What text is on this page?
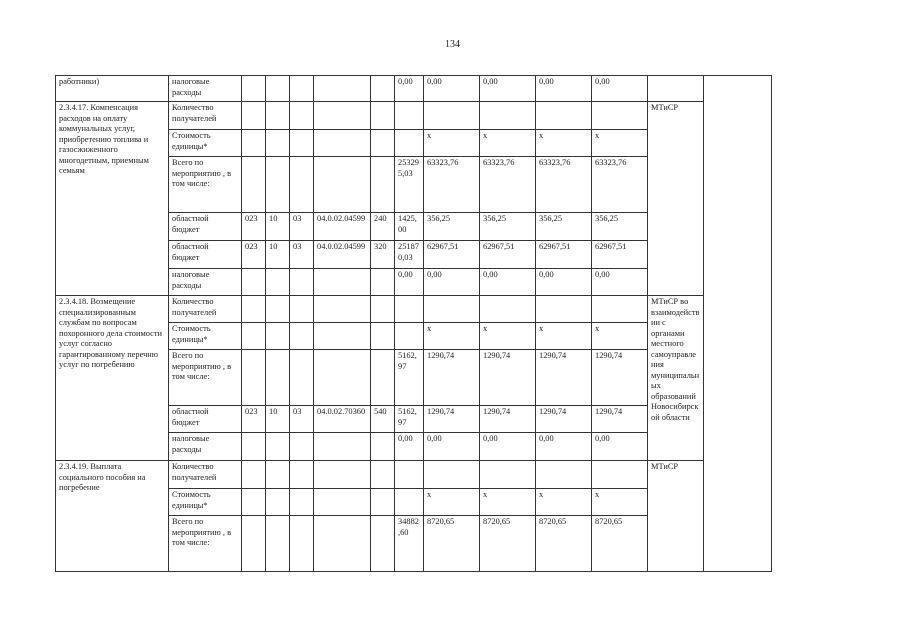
134
работники)	налоговые расходы						0,00	0,00	0,00	0,00	0,00		
2.3.4.17. Компенсация расходов на оплату коммунальных услуг, приобретению топлива и газосжиженного многодетным, приемным семьям	Количество получателей											МТиСР	
	Стоимость единицы*							х	х	х	х		
	Всего по мероприятию , в том числе:						253295,03	63323,76	63323,76	63323,76	63323,76		
	областной бюджет	023	10	03	04.0.02.04599	240	1425,00	356,25	356,25	356,25	356,25		
	областной бюджет	023	10	03	04.0.02.04599	320	251870,03	62967,51	62967,51	62967,51	62967,51		
	налоговые расходы						0,00	0,00	0,00	0,00	0,00		
2.3.4.18. Возмещение специализированным службам по вопросам похоронного дела стоимости услуг согласно гарантированному перечню услуг по погребению	Количество получателей											МТиСР во взаимодействии с органами местного самоуправления муниципальных образований Новосибирской области	
	Стоимость единицы*							х	х	х	х		
	Всего по мероприятию , в том числе:						5162,97	1290,74	1290,74	1290,74	1290,74		
	областной бюджет	023	10	03	04.0.02.70360	540	5162,97	1290,74	1290,74	1290,74	1290,74		
	налоговые расходы						0,00	0,00	0,00	0,00	0,00		
2.3.4.19. Выплата социального пособия на погребение	Количество получателей											МТиСР	
	Стоимость единицы*							х	х	х	х		
	Всего по мероприятию , в том числе:						34882,60	8720,65	8720,65	8720,65	8720,65		
